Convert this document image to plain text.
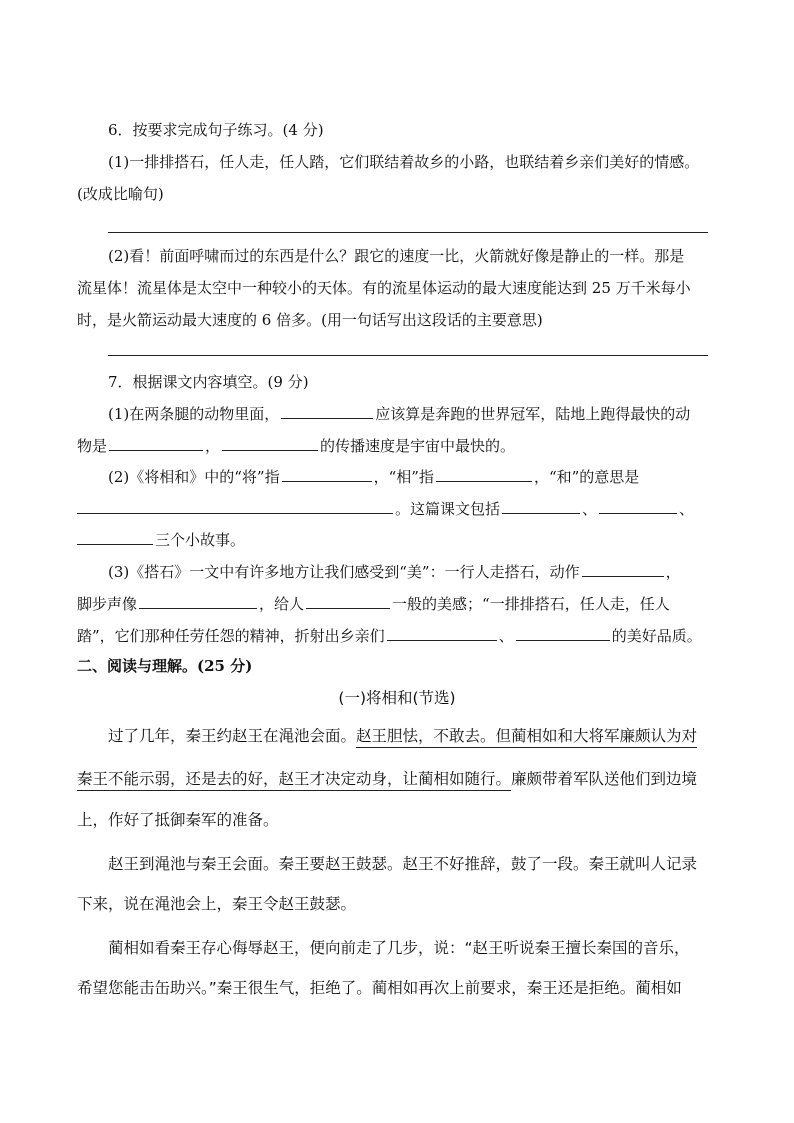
6．按要求完成句子练习。(4 分)
(1)一排排搭石，任人走，任人踏，它们联结着故乡的小路，也联结着乡亲们美好的情感。
(改成比喻句)
(2)看！前面呼啸而过的东西是什么？跟它的速度一比，火箭就好像是静止的一样。那是
流星体！流星体是太空中一种较小的天体。有的流星体运动的最大速度能达到 25 万千米每小
时，是火箭运动最大速度的 6 倍多。(用一句话写出这段话的主要意思)
7．根据课文内容填空。(9 分)
(1)在两条腿的动物里面，	应该算是奔跑的世界冠军，陆地上跑得最快的动
物是	，	的传播速度是宇宙中最快的。
(2)《将相和》中的“将”指	，“相”指	，“和”的意思是
。这篇课文包括	、	、
三个小故事。
(3)《搭石》一文中有许多地方让我们感受到“美”：一行人走搭石，动作	，
脚步声像	，给人	一般的美感；“一排排搭石，任人走，任人
踏”，它们那种任劳任怨的精神，折射出乡亲们	、	的美好品质。
二、阅读与理解。(25 分)
(一)将相和(节选)
过了几年，秦王约赵王在渑池会面。赵王胆怯，不敢去。但蔺相如和大将军廉颇认为对
秦王不能示弱，还是去的好，赵王才决定动身，让蔺相如随行。廉颇带着军队送他们到边境
上，作好了抵御秦军的准备。
赵王到渑池与秦王会面。秦王要赵王鼓瑟。赵王不好推辞，鼓了一段。秦王就叫人记录
下来，说在渑池会上，秦王令赵王鼓瑟。
蔺相如看秦王存心侮辱赵王，便向前走了几步，说：“赵王听说秦王擅长秦国的音乐，
希望您能击缶助兴。”秦王很生气，拒绝了。蔺相如再次上前要求，秦王还是拒绝。蔺相如
